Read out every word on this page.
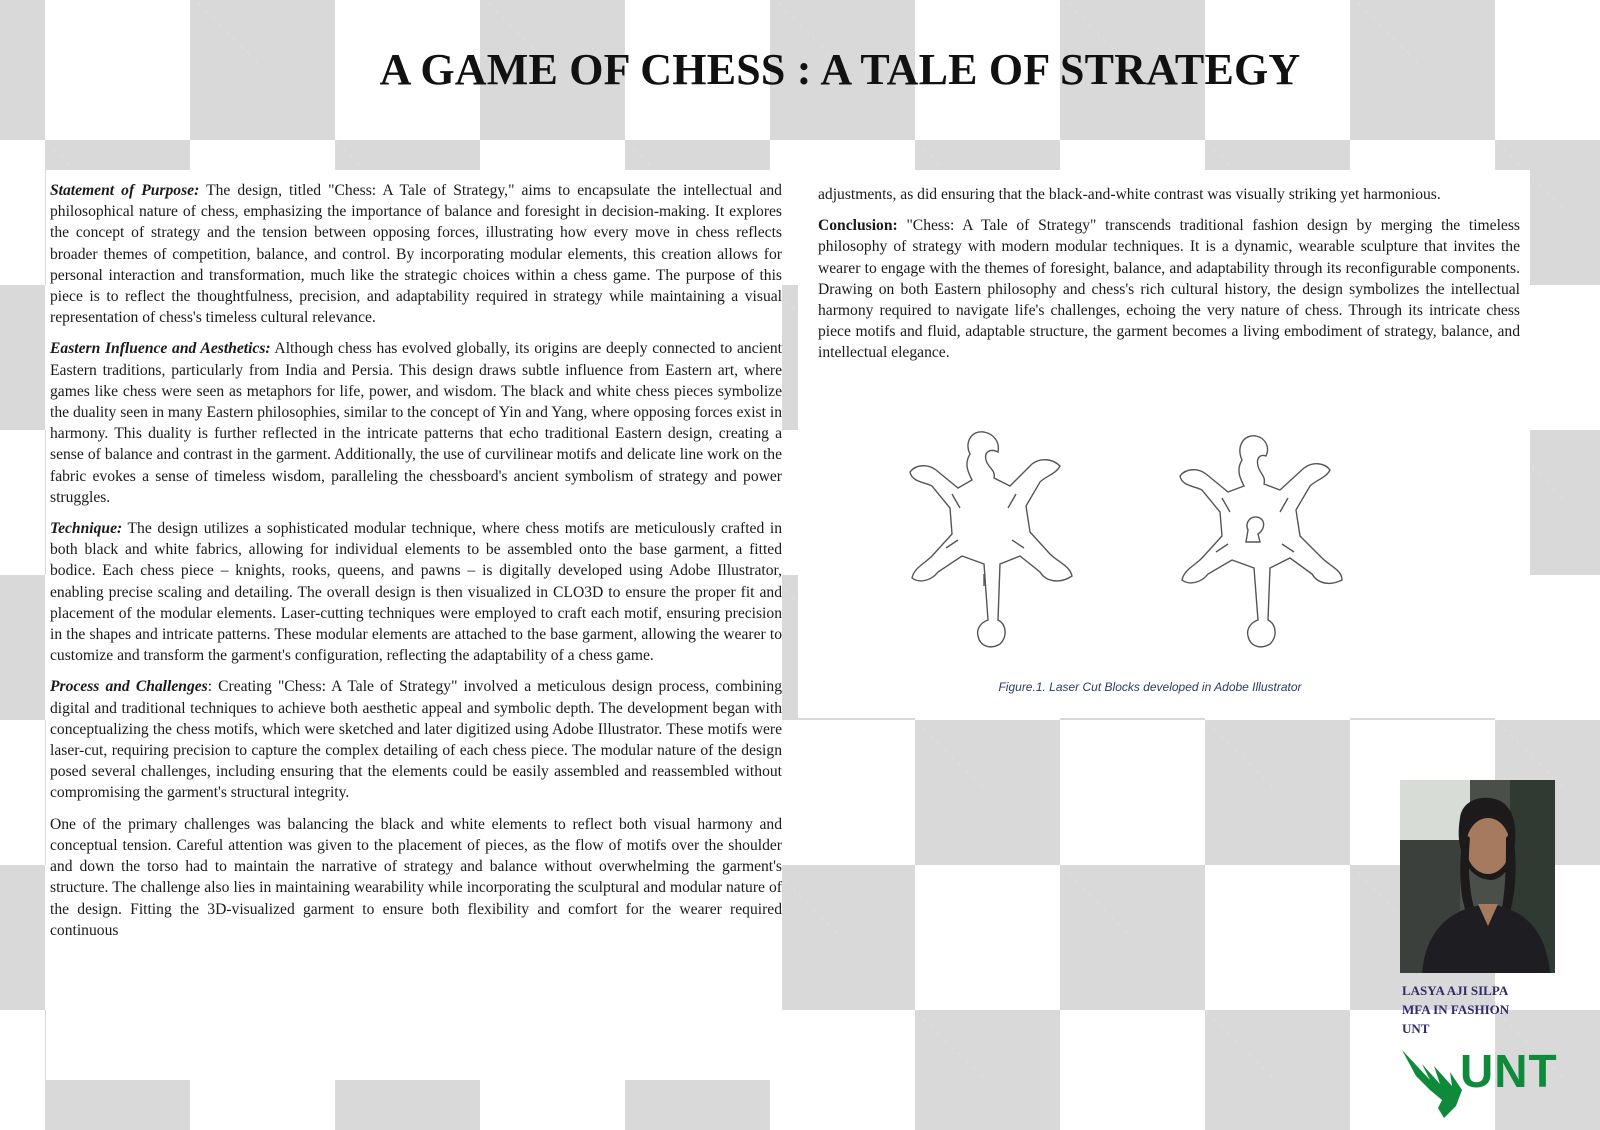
A GAME OF CHESS : A TALE OF STRATEGY

Statement of Purpose: The design, titled "Chess: A Tale of Strategy," aims to encapsulate the intellectual and philosophical nature of chess, emphasizing the importance of balance and foresight in decision-making. It explores the concept of strategy and the tension between opposing forces, illustrating how every move in chess reflects broader themes of competition, balance, and control. By incorporating modular elements, this creation allows for personal interaction and transformation, much like the strategic choices within a chess game. The purpose of this piece is to reflect the thoughtfulness, precision, and adaptability required in strategy while maintaining a visual representation of chess's timeless cultural relevance.

Eastern Influence and Aesthetics: Although chess has evolved globally, its origins are deeply connected to ancient Eastern traditions, particularly from India and Persia. This design draws subtle influence from Eastern art, where games like chess were seen as metaphors for life, power, and wisdom. The black and white chess pieces symbolize the duality seen in many Eastern philosophies, similar to the concept of Yin and Yang, where opposing forces exist in harmony. This duality is further reflected in the intricate patterns that echo traditional Eastern design, creating a sense of balance and contrast in the garment. Additionally, the use of curvilinear motifs and delicate line work on the fabric evokes a sense of timeless wisdom, paralleling the chessboard's ancient symbolism of strategy and power struggles.

Technique: The design utilizes a sophisticated modular technique, where chess motifs are meticulously crafted in both black and white fabrics, allowing for individual elements to be assembled onto the base garment, a fitted bodice. Each chess piece – knights, rooks, queens, and pawns – is digitally developed using Adobe Illustrator, enabling precise scaling and detailing. The overall design is then visualized in CLO3D to ensure the proper fit and placement of the modular elements. Laser-cutting techniques were employed to craft each motif, ensuring precision in the shapes and intricate patterns. These modular elements are attached to the base garment, allowing the wearer to customize and transform the garment's configuration, reflecting the adaptability of a chess game.

Process and Challenges: Creating "Chess: A Tale of Strategy" involved a meticulous design process, combining digital and traditional techniques to achieve both aesthetic appeal and symbolic depth. The development began with conceptualizing the chess motifs, which were sketched and later digitized using Adobe Illustrator. These motifs were laser-cut, requiring precision to capture the complex detailing of each chess piece. The modular nature of the design posed several challenges, including ensuring that the elements could be easily assembled and reassembled without compromising the garment's structural integrity.

One of the primary challenges was balancing the black and white elements to reflect both visual harmony and conceptual tension. Careful attention was given to the placement of pieces, as the flow of motifs over the shoulder and down the torso had to maintain the narrative of strategy and balance without overwhelming the garment's structure. The challenge also lies in maintaining wearability while incorporating the sculptural and modular nature of the design. Fitting the 3D-visualized garment to ensure both flexibility and comfort for the wearer required continuous

adjustments, as did ensuring that the black-and-white contrast was visually striking yet harmonious.

Conclusion: "Chess: A Tale of Strategy" transcends traditional fashion design by merging the timeless philosophy of strategy with modern modular techniques. It is a dynamic, wearable sculpture that invites the wearer to engage with the themes of foresight, balance, and adaptability through its reconfigurable components. Drawing on both Eastern philosophy and chess's rich cultural history, the design symbolizes the intellectual harmony required to navigate life's challenges, echoing the very nature of chess. Through its intricate chess piece motifs and fluid, adaptable structure, the garment becomes a living embodiment of strategy, balance, and intellectual elegance.

Figure.1. Laser Cut Blocks developed in Adobe Illustrator
LASYA AJI SILPA
MFA IN FASHION
UNT
UNT
